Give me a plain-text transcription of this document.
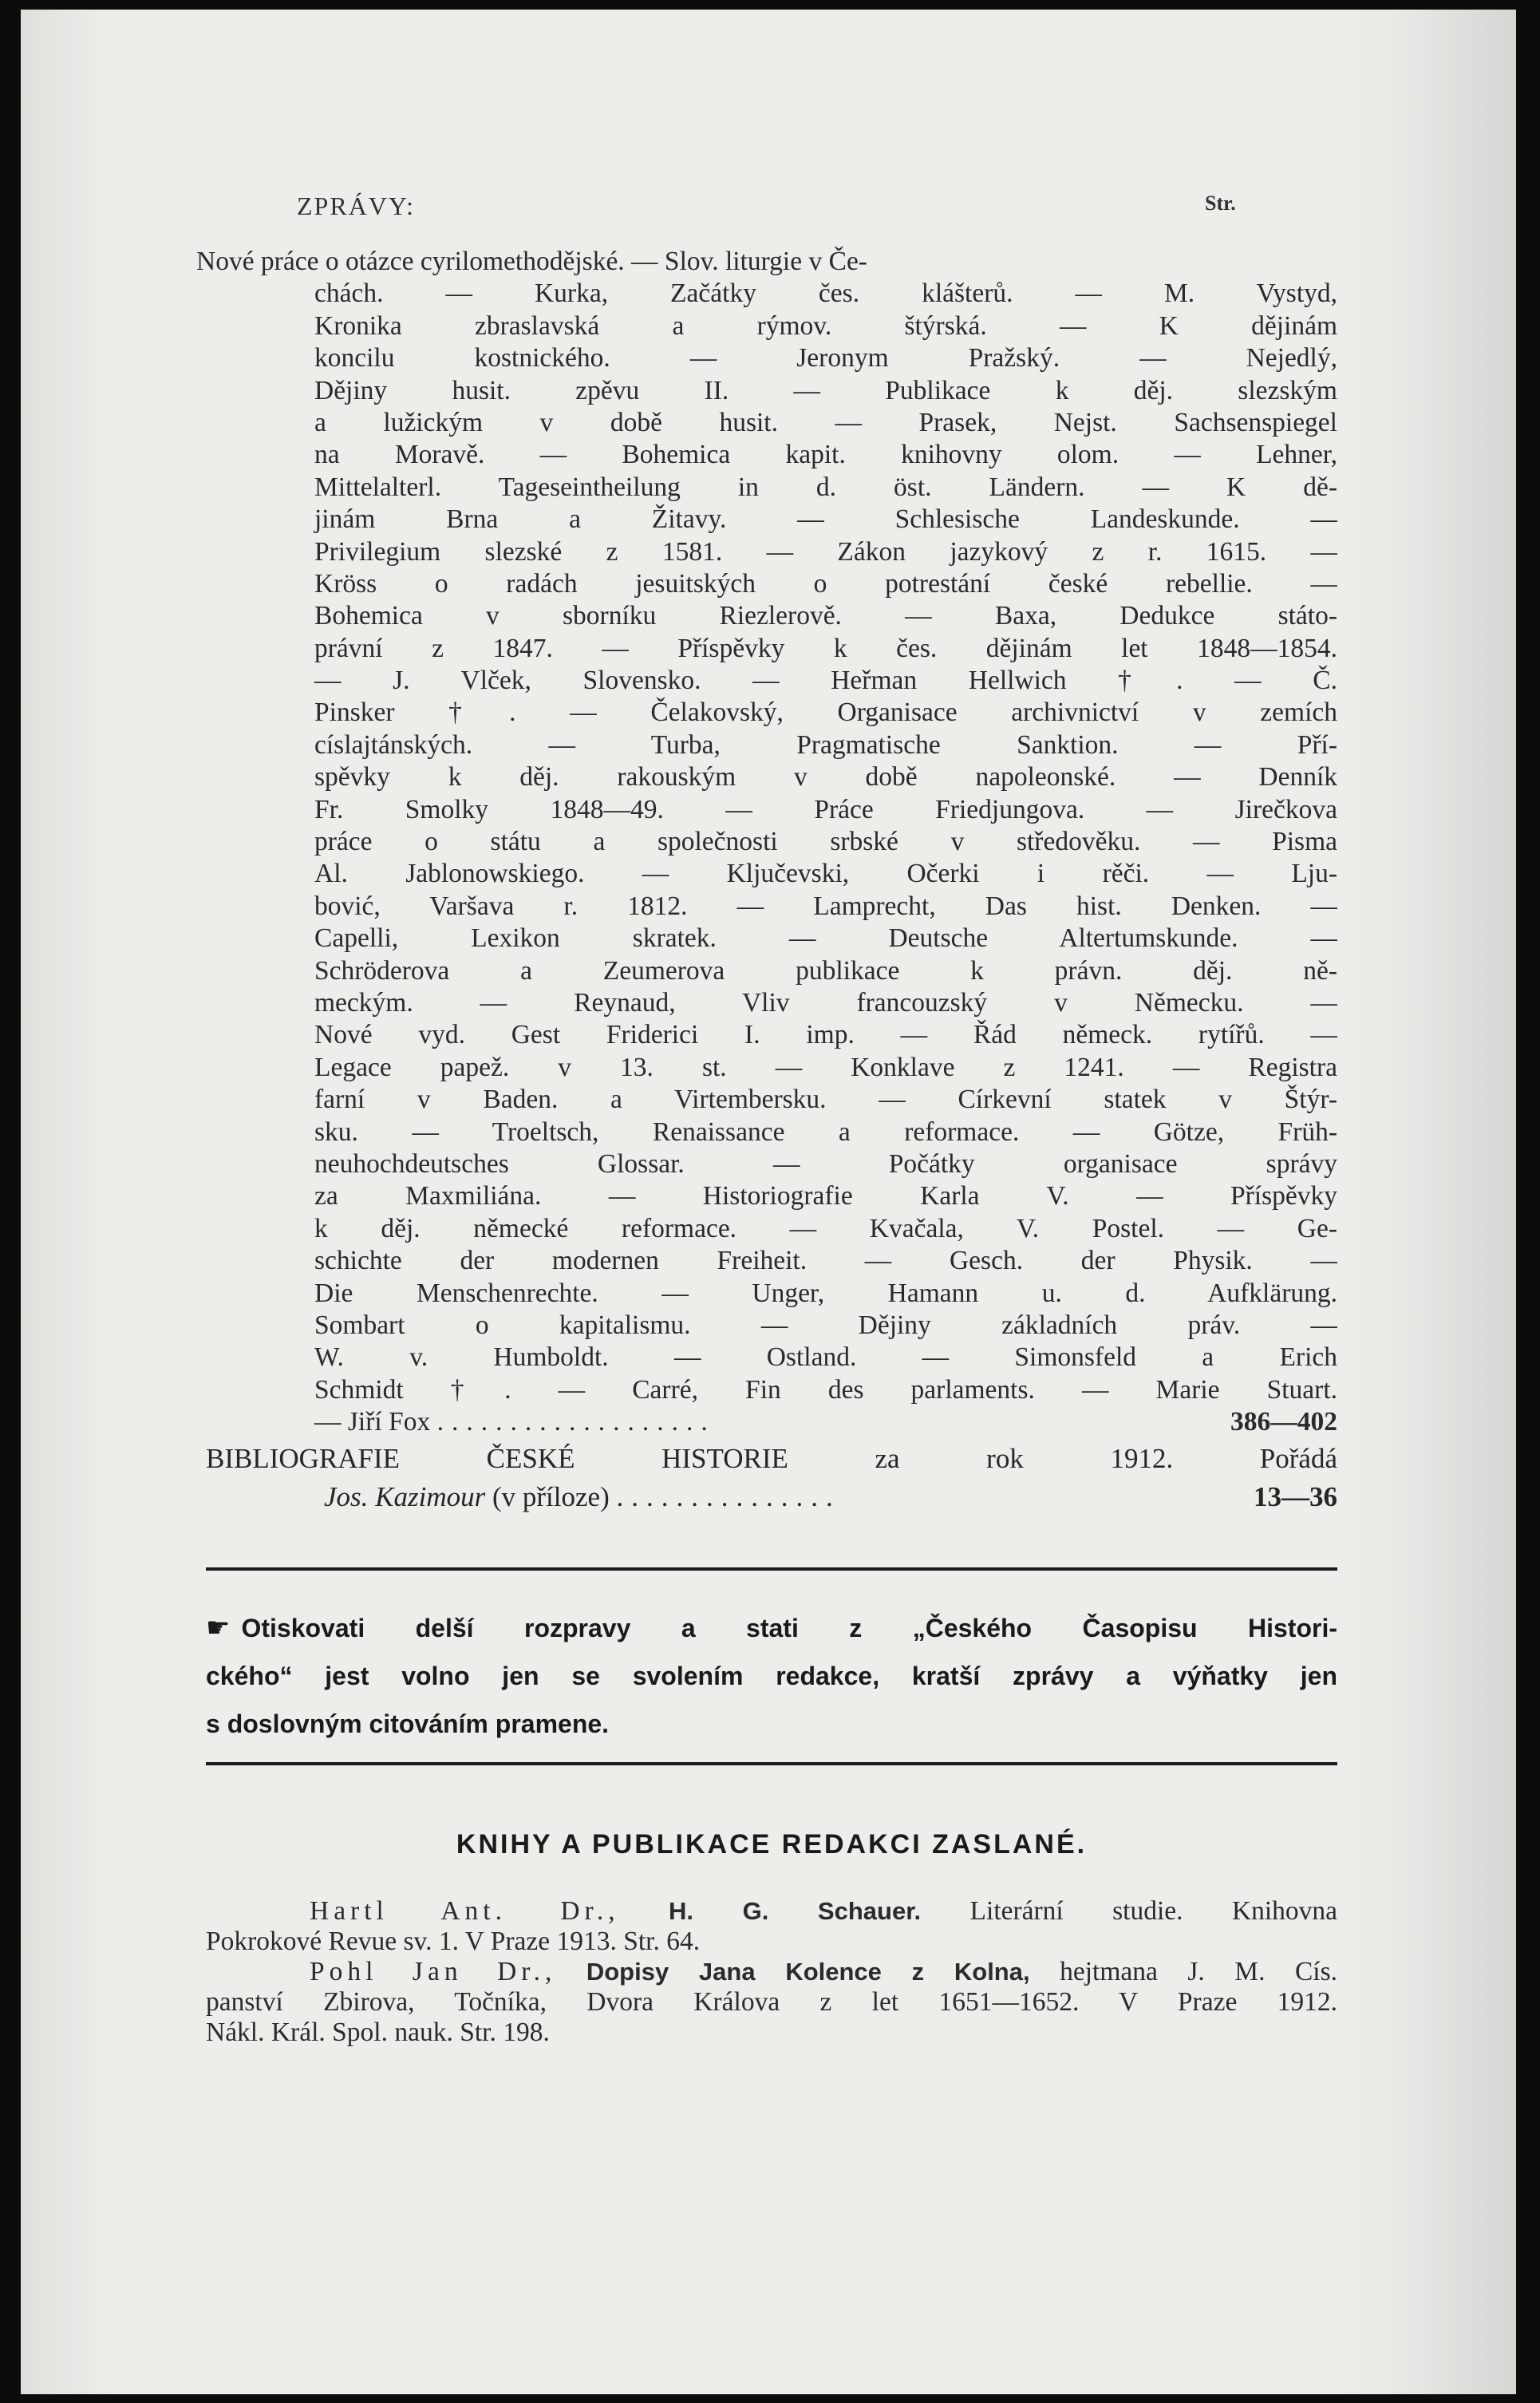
ZPRÁVY:	Str.
Nové práce o otázce cyrilomethodějské. — Slov. liturgie v Če-
chách. — Kurka, Začátky čes. klášterů. — M. Vystyd,
Kronika zbraslavská a rýmov. štýrská. — K dějinám
koncilu kostnického. — Jeronym Pražský. — Nejedlý,
Dějiny husit. zpěvu II. — Publikace k děj. slezským
a lužickým v době husit. — Prasek, Nejst. Sachsenspiegel
na Moravě. — Bohemica kapit. knihovny olom. — Lehner,
Mittelalterl. Tageseintheilung in d. öst. Ländern. — K dě-
jinám Brna a Žitavy. — Schlesische Landeskunde. —
Privilegium slezské z 1581. — Zákon jazykový z r. 1615. —
Kröss o radách jesuitských o potrestání české rebellie. —
Bohemica v sborníku Riezlerově. — Baxa, Dedukce státo-
právní z 1847. — Příspěvky k čes. dějinám let 1848—1854.
— J. Vlček, Slovensko. — Heřman Hellwich †. — Č.
Pinsker †. — Čelakovský, Organisace archivnictví v zemích
císlajtánských. — Turba, Pragmatische Sanktion. — Pří-
spěvky k děj. rakouským v době napoleonské. — Denník
Fr. Smolky 1848—49. — Práce Friedjungova. — Jirečkova
práce o státu a společnosti srbské v středověku. — Pisma
Al. Jablonowskiego. — Ključevski, Očerki i rěči. — Lju-
bović, Varšava r. 1812. — Lamprecht, Das hist. Denken. —
Capelli, Lexikon skratek. — Deutsche Altertumskunde. —
Schröderova a Zeumerova publikace k právn. děj. ně-
meckým. — Reynaud, Vliv francouzský v Německu. —
Nové vyd. Gest Friderici I. imp. — Řád německ. rytířů. —
Legace papež. v 13. st. — Konklave z 1241. — Registra
farní v Baden. a Virtembersku. — Církevní statek v Štýr-
sku. — Troeltsch, Renaissance a reformace. — Götze, Früh-
neuhochdeutsches Glossar. — Počátky organisace správy
za Maxmiliána. — Historiografie Karla V. — Příspěvky
k děj. německé reformace. — Kvačala, V. Postel. — Ge-
schichte der modernen Freiheit. — Gesch. der Physik. —
Die Menschenrechte. — Unger, Hamann u. d. Aufklärung.
Sombart o kapitalismu. — Dějiny základních práv. —
W. v. Humboldt. — Ostland. — Simonsfeld a Erich
Schmidt †. — Carré, Fin des parlaments. — Marie Stuart.
— Jiří Fox ...................	386—402
BIBLIOGRAFIE ČESKÉ HISTORIE za rok 1912. Pořádá
Jos. Kazimour (v příloze) ...............	13—36
☛ Otiskovati delší rozpravy a stati z „Českého Časopisu Histori-
ckého“ jest volno jen se svolením redakce, kratší zprávy a výňatky jen
s doslovným citováním pramene.
KNIHY A PUBLIKACE REDAKCI ZASLANÉ.
Hartl Ant. Dr., H. G. Schauer. Literární studie. Knihovna
Pokrokové Revue sv. 1. V Praze 1913. Str. 64.
Pohl Jan Dr., Dopisy Jana Kolence z Kolna, hejtmana J. M. Cís.
panství Zbirova, Točníka, Dvora Králova z let 1651—1652. V Praze 1912.
Nákl. Král. Spol. nauk. Str. 198.
